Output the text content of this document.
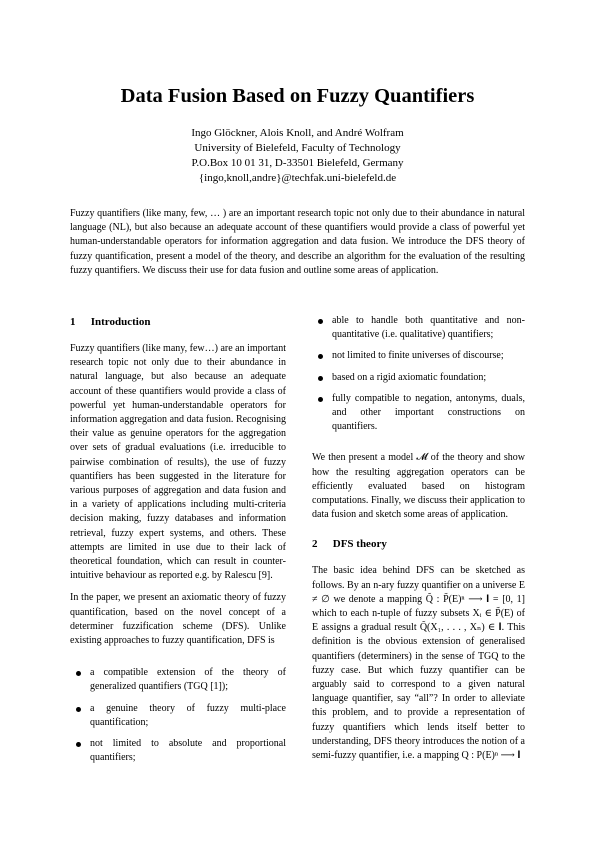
Data Fusion Based on Fuzzy Quantifiers
Ingo Glöckner, Alois Knoll, and André Wolfram
University of Bielefeld, Faculty of Technology
P.O.Box 10 01 31, D-33501 Bielefeld, Germany
{ingo,knoll,andre}@techfak.uni-bielefeld.de
Fuzzy quantifiers (like many, few, … ) are an important research topic not only due to their abundance in natural language (NL), but also because an adequate account of these quantifiers would provide a class of powerful yet human-understandable operators for information aggregation and data fusion. We introduce the DFS theory of fuzzy quantification, present a model of the theory, and describe an algorithm for the evaluation of the resulting fuzzy quantifiers. We discuss their use for data fusion and outline some areas of application.
1 Introduction

Fuzzy quantifiers (like many, few…) are an important research topic not only due to their abundance in natural language, but also because an adequate account of these quantifiers would provide a class of powerful yet human-understandable operators for information aggregation and data fusion. Recognising their value as genuine operators for the aggregation over sets of gradual evaluations (i.e. irreducible to pairwise combination of results), the use of fuzzy quantifiers has been suggested in the literature for various purposes of aggregation and data fusion and in a variety of applications including multi-criteria decision making, fuzzy databases and information retrieval, fuzzy expert systems, and others. These attempts are limited in use due to their lack of theoretical foundation, which can result in counter-intuitive behaviour as reported e.g. by Ralescu [9].

In the paper, we present an axiomatic theory of fuzzy quantification, based on the novel concept of a determiner fuzzification scheme (DFS). Unlike existing approaches to fuzzy quantification, DFS is

a compatible extension of the theory of generalized quantifiers (TGQ [1]);
a genuine theory of fuzzy multi-place quantification;
not limited to absolute and proportional quantifiers;
able to handle both quantitative and non-quantitative (i.e. qualitative) quantifiers;
not limited to finite universes of discourse;
based on a rigid axiomatic foundation;
fully compatible to negation, antonyms, duals, and other important constructions on quantifiers.

We then present a model 𝓜 of the theory and show how the resulting aggregation operators can be efficiently evaluated based on histogram computations. Finally, we discuss their application to data fusion and sketch some areas of application.

2 DFS theory

The basic idea behind DFS can be sketched as follows. By an n-ary fuzzy quantifier on a universe E ≠ ∅ we denote a mapping Q̃ : P̃(E)ⁿ ⟶ 𝐈 = [0, 1] which to each n-tuple of fuzzy subsets Xᵢ ∈ P̃(E) of E assigns a gradual result Q̃(X₁, . . . , Xₙ) ∈ 𝐈. This definition is the obvious extension of generalised quantifiers (determiners) in the sense of TGQ to the fuzzy case. But which fuzzy quantifier can be arguably said to correspond to a given natural language quantifier, say “all”? In order to alleviate this problem, and to provide a representation of fuzzy quantifiers which lends itself better to understanding, DFS theory introduces the notion of a semi-fuzzy quantifier, i.e. a mapping Q : P(E)ⁿ ⟶ 𝐈
